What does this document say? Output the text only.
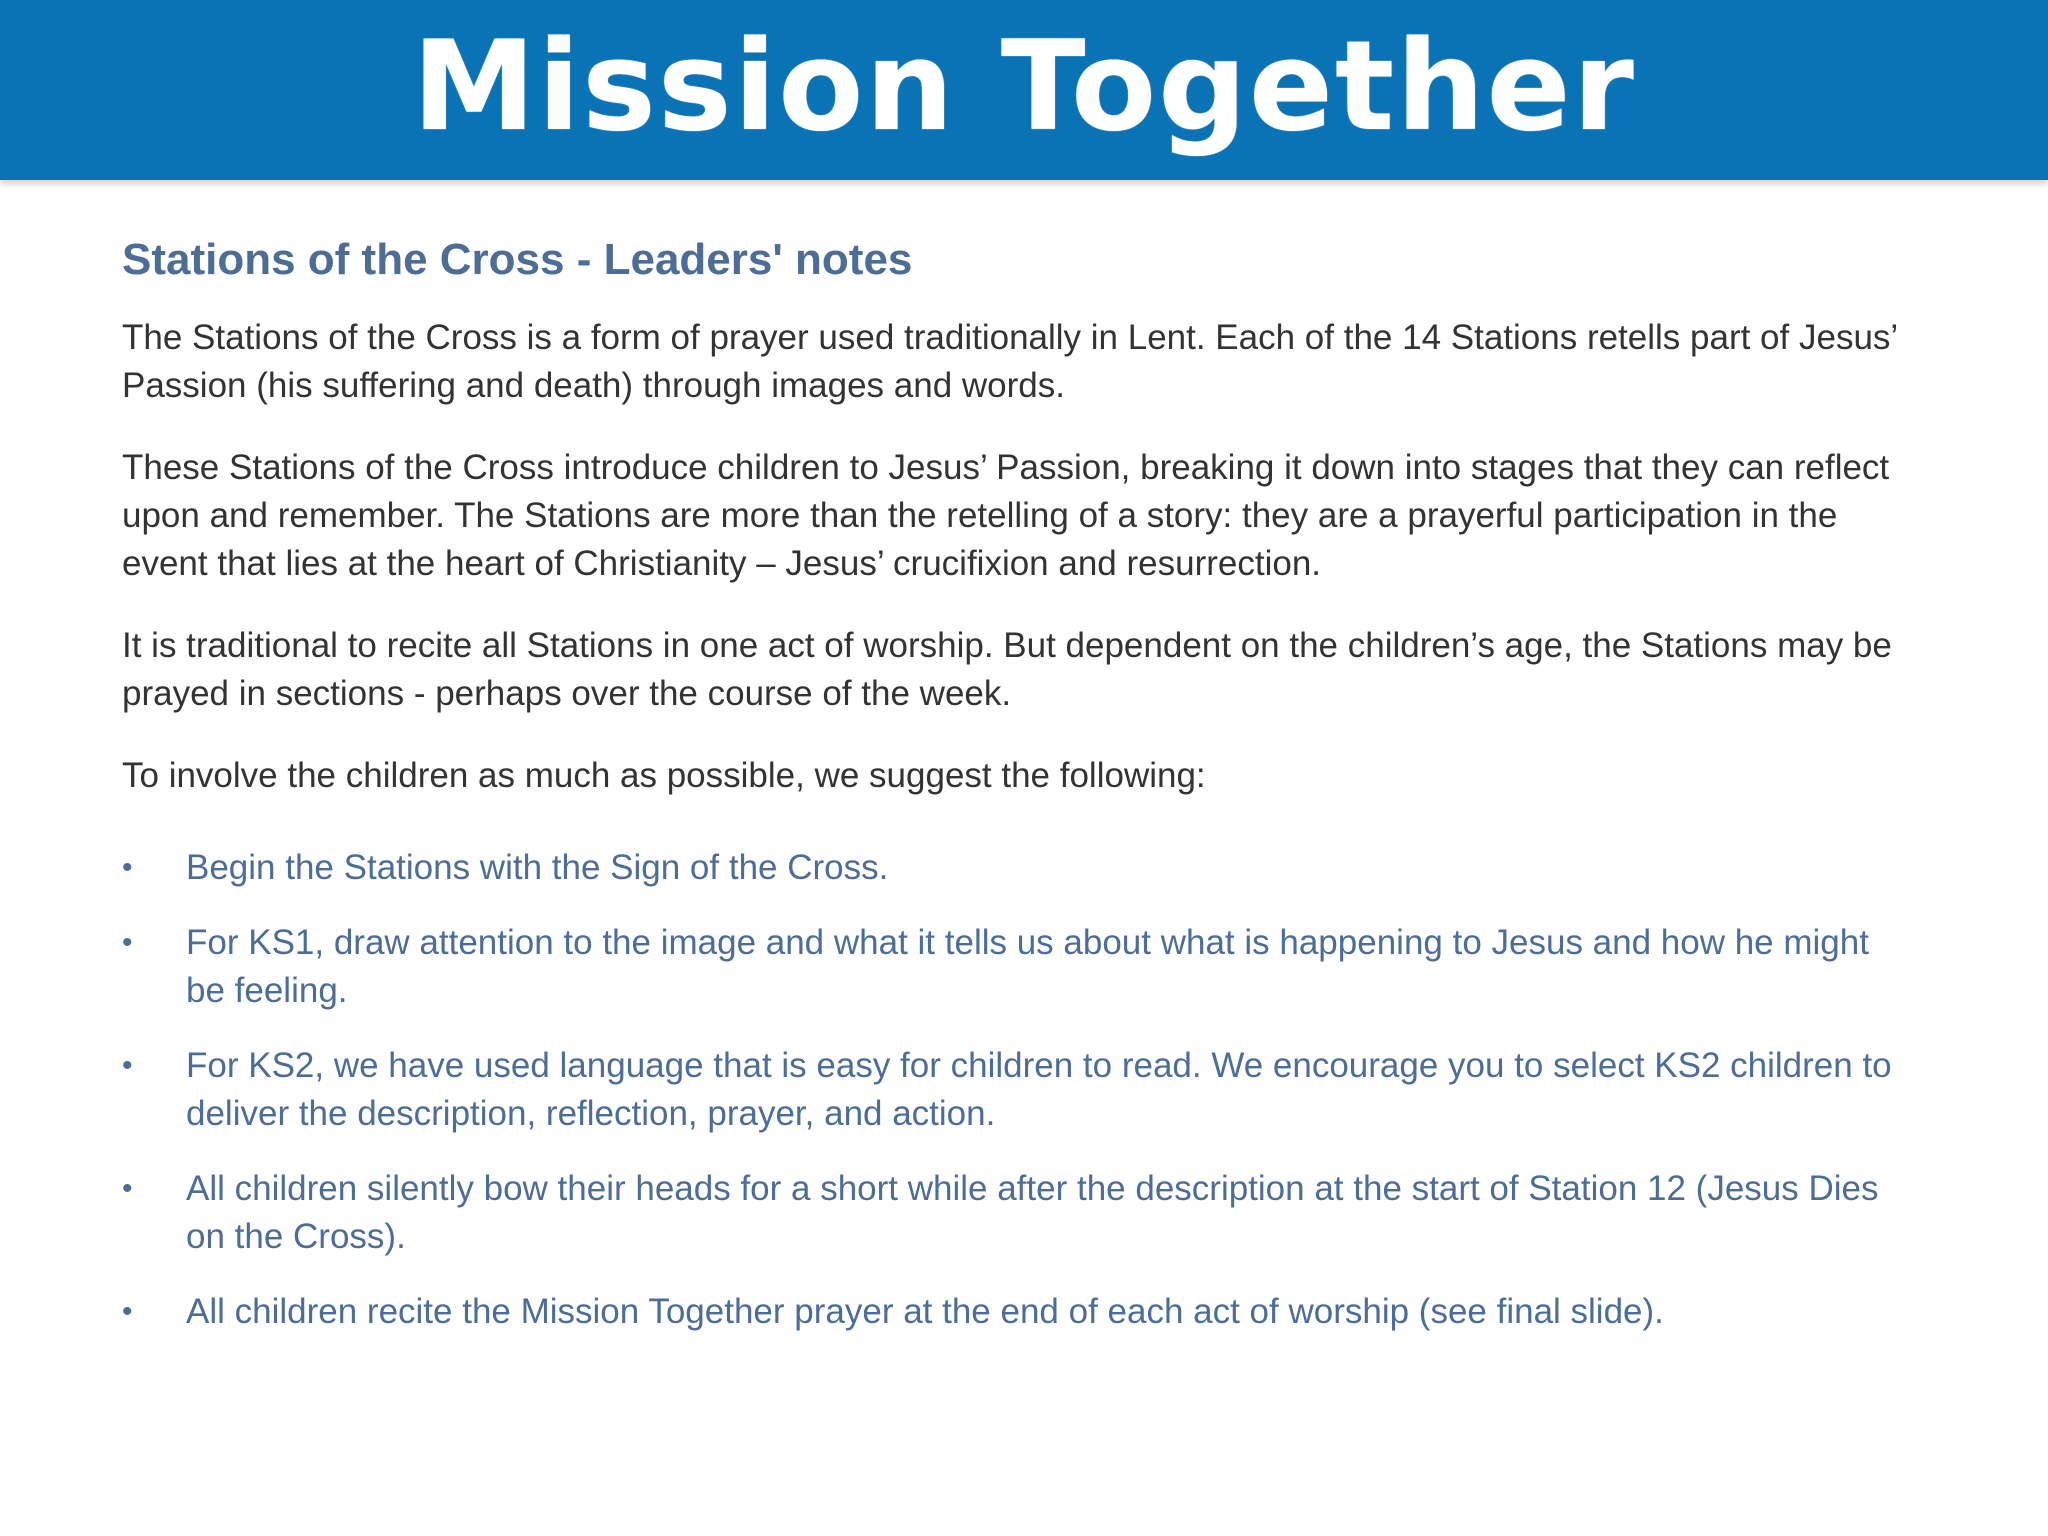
Mission Together
Stations of the Cross - Leaders' notes

The Stations of the Cross is a form of prayer used traditionally in Lent. Each of the 14 Stations retells part of Jesus’ Passion (his suffering and death) through images and words.

These Stations of the Cross introduce children to Jesus’ Passion, breaking it down into stages that they can reflect upon and remember. The Stations are more than the retelling of a story: they are a prayerful participation in the event that lies at the heart of Christianity – Jesus’ crucifixion and resurrection.

It is traditional to recite all Stations in one act of worship. But dependent on the children’s age, the Stations may be prayed in sections - perhaps over the course of the week.

To involve the children as much as possible, we suggest the following:

• Begin the Stations with the Sign of the Cross.
• For KS1, draw attention to the image and what it tells us about what is happening to Jesus and how he might be feeling.
• For KS2, we have used language that is easy for children to read. We encourage you to select KS2 children to deliver the description, reflection, prayer, and action.
• All children silently bow their heads for a short while after the description at the start of Station 12 (Jesus Dies on the Cross).
• All children recite the Mission Together prayer at the end of each act of worship (see final slide).
